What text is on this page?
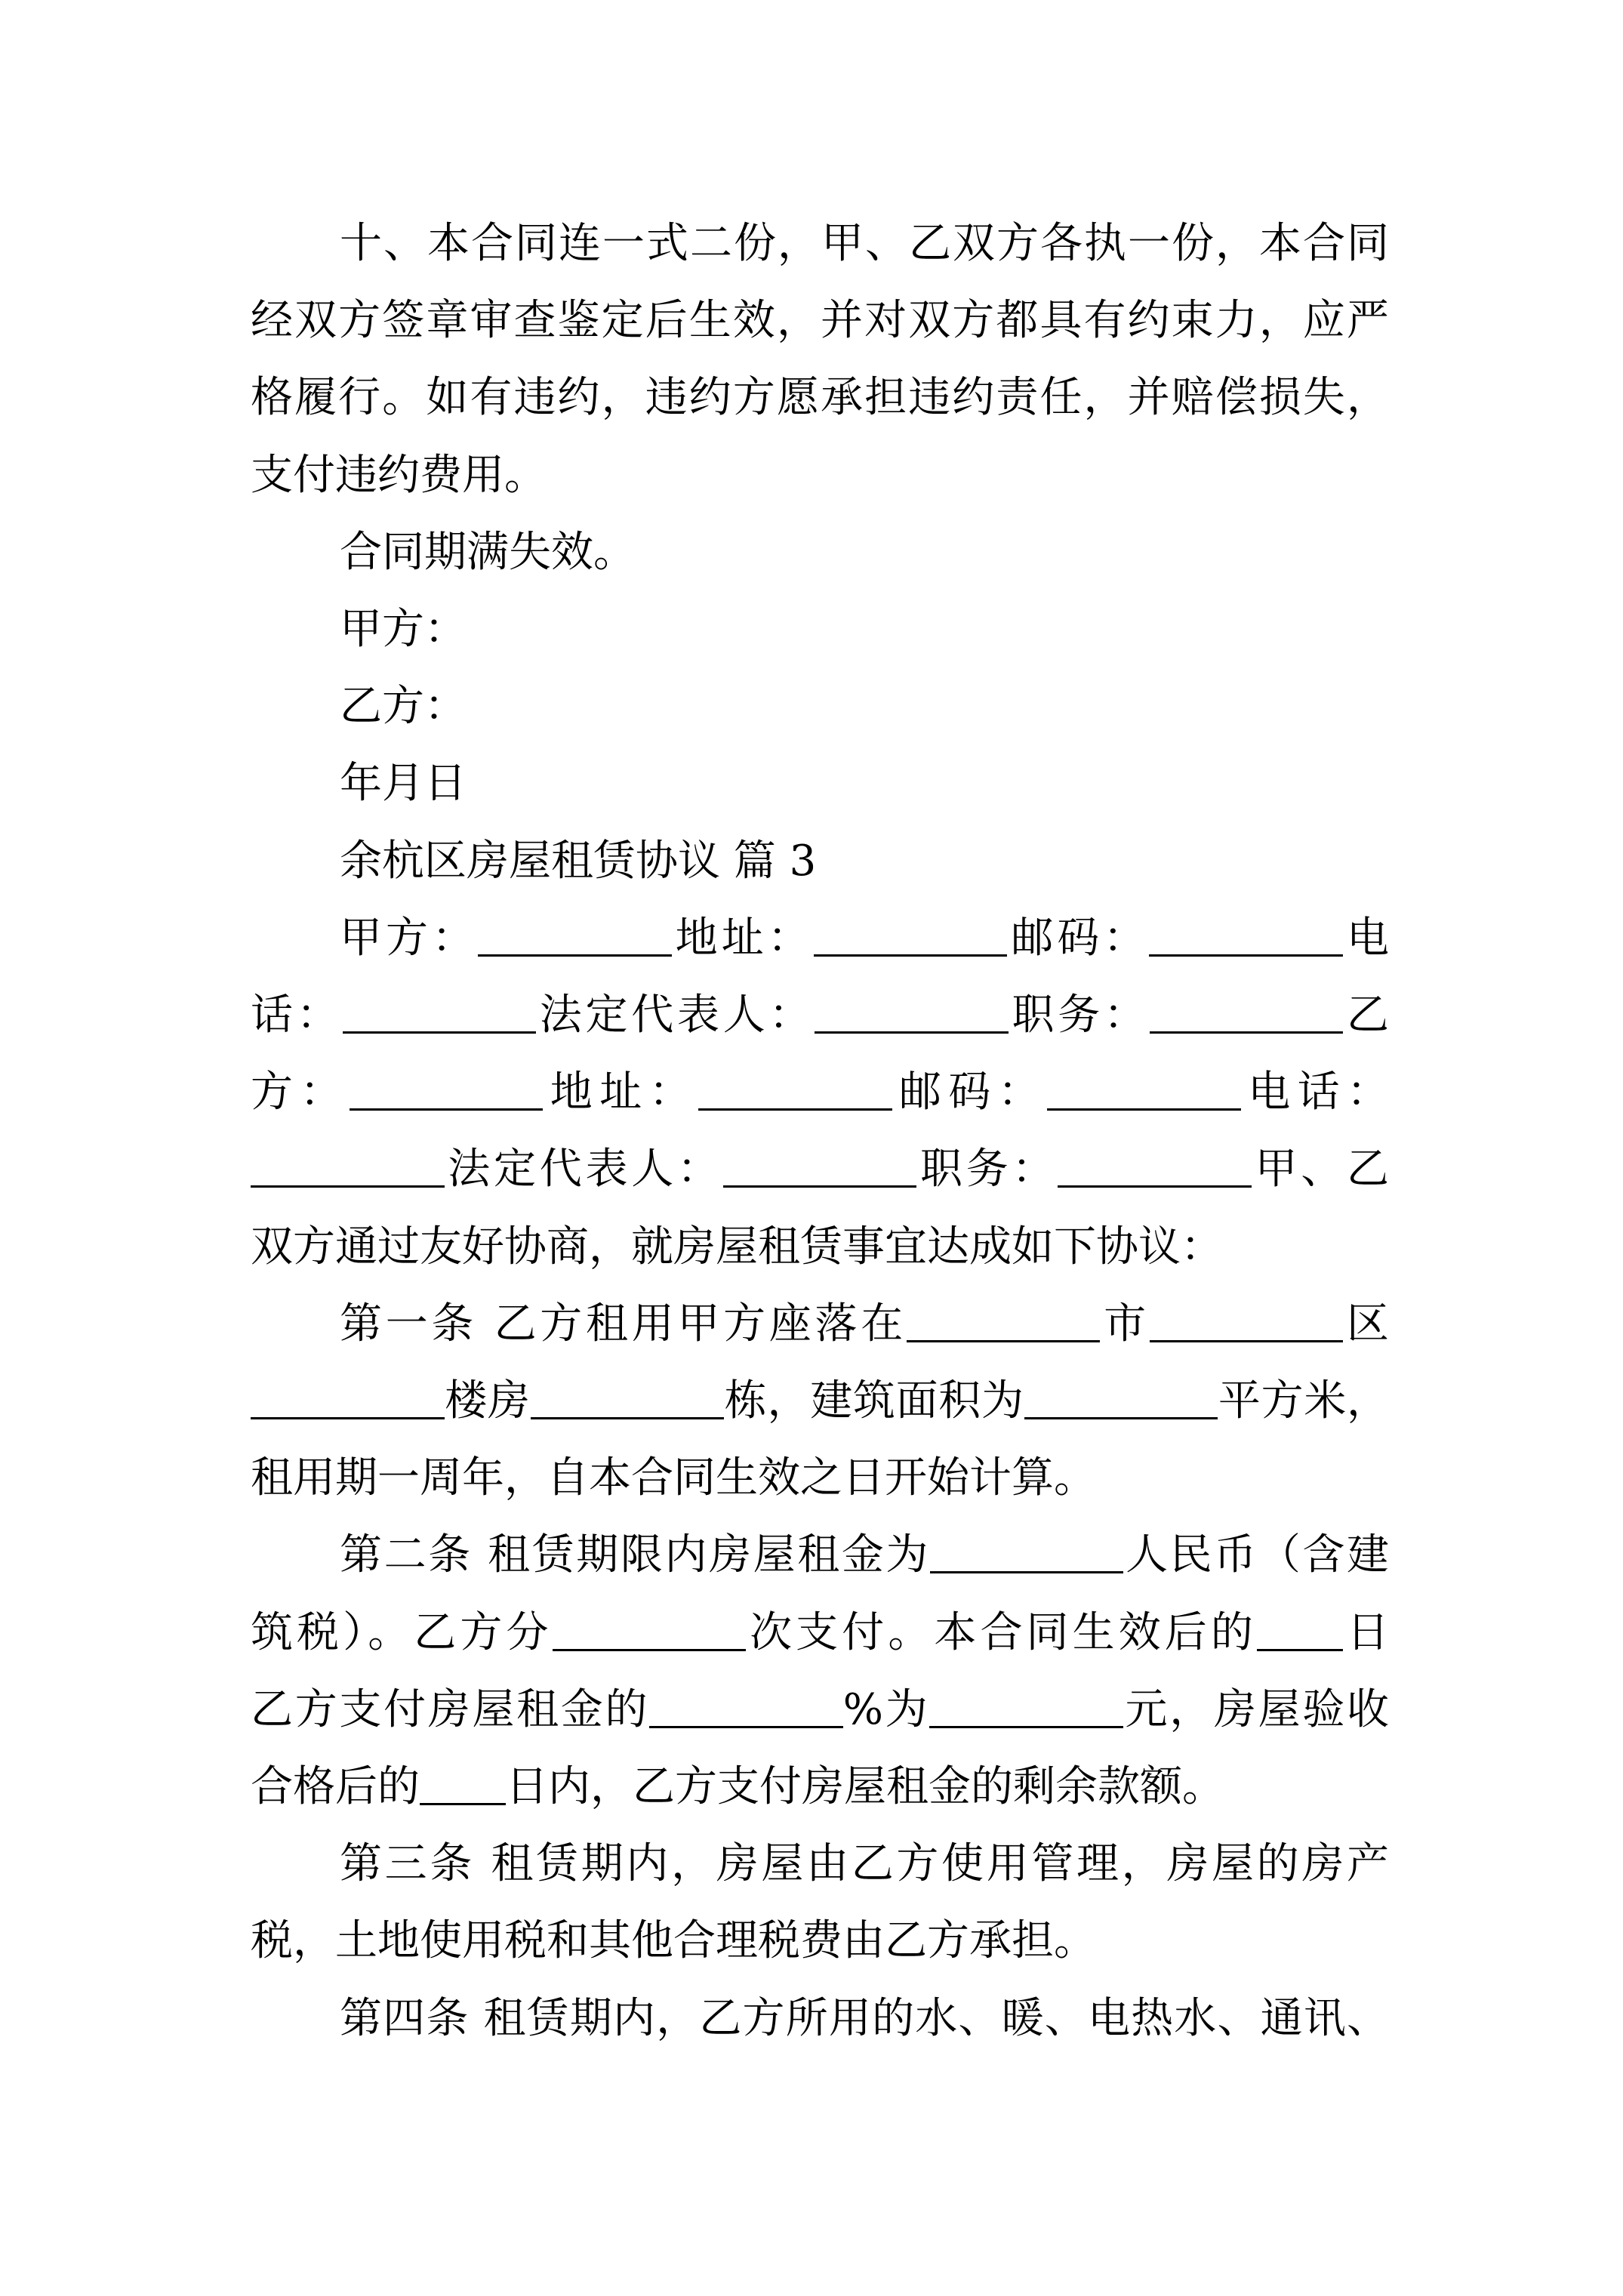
十、本合同连一式二份，甲、乙双方各执一份，本合同
经双方签章审查鉴定后生效，并对双方都具有约束力，应严
格履行。如有违约，违约方愿承担违约责任，并赔偿损失，
支付违约费用。
合同期满失效。
甲方：
乙方：
年月日
余杭区房屋租赁协议 篇 3
甲方：	地址：	邮码：	电
话：	法定代表人：	职务：	乙
方：	地址：	邮码：	电话：
法定代表人：	职务：	甲、乙
双方通过友好协商，就房屋租赁事宜达成如下协议：
第一条 乙方租用甲方座落在	市	区
楼房	栋，建筑面积为	平方米，
租用期一周年，自本合同生效之日开始计算。
第二条 租赁期限内房屋租金为	人民币（含建
筑税）。乙方分	次支付。本合同生效后的 日
乙方支付房屋租金的	%为	元，房屋验收
合格后的 日内，乙方支付房屋租金的剩余款额。
第三条 租赁期内，房屋由乙方使用管理，房屋的房产
税，土地使用税和其他合理税费由乙方承担。
第四条 租赁期内，乙方所用的水、暖、电热水、通讯、
